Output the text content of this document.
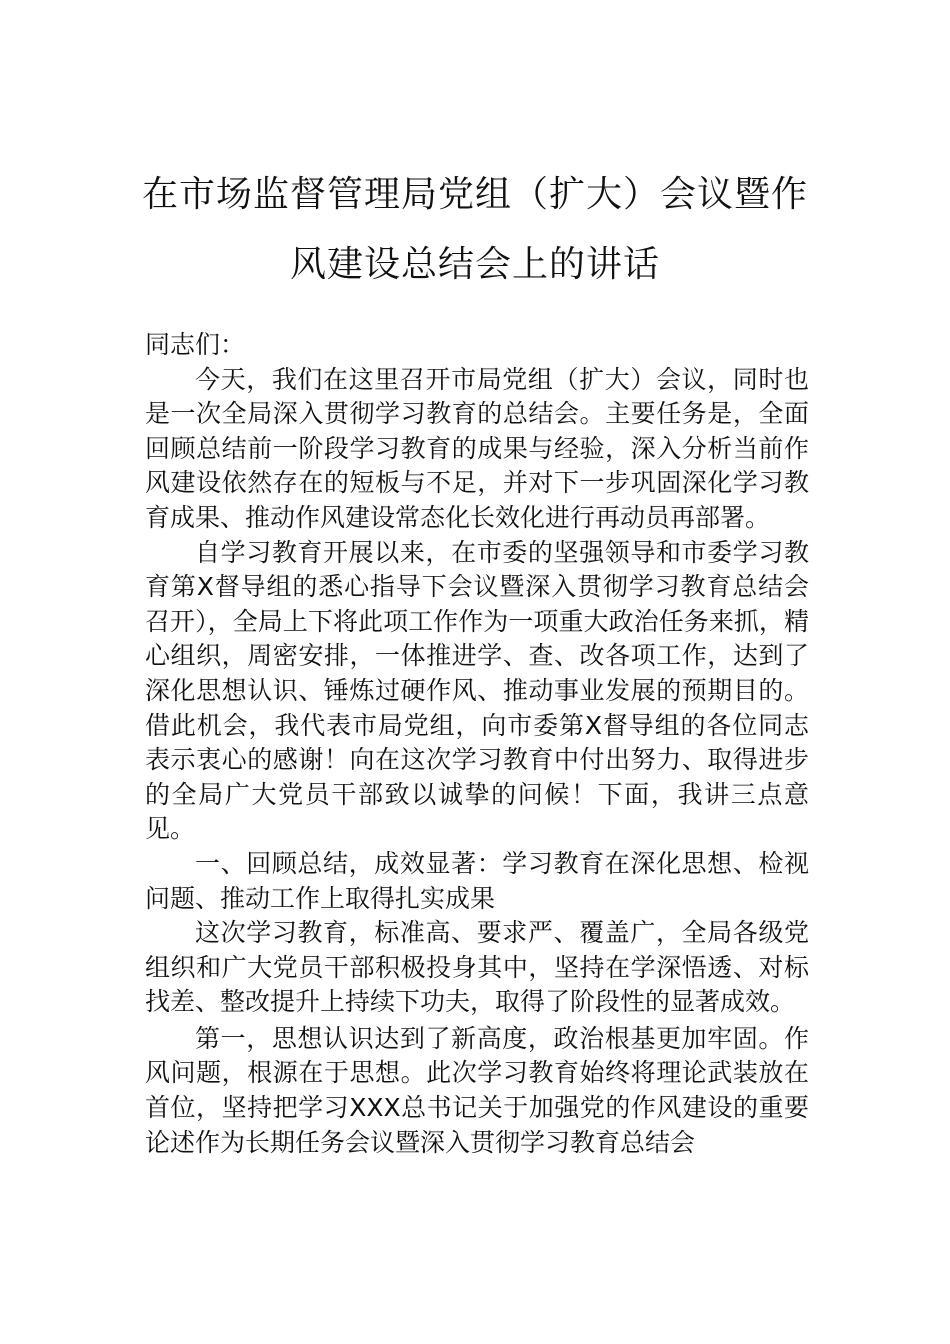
在市场监督管理局党组（扩大）会议暨作
风建设总结会上的讲话

同志们：

今天，我们在这里召开市局党组（扩大）会议，同时也是一次全局深入贯彻学习教育的总结会。主要任务是，全面回顾总结前一阶段学习教育的成果与经验，深入分析当前作风建设依然存在的短板与不足，并对下一步巩固深化学习教育成果、推动作风建设常态化长效化进行再动员再部署。

自学习教育开展以来，在市委的坚强领导和市委学习教育第X督导组的悉心指导下会议暨深入贯彻学习教育总结会召开），全局上下将此项工作作为一项重大政治任务来抓，精心组织，周密安排，一体推进学、查、改各项工作，达到了深化思想认识、锤炼过硬作风、推动事业发展的预期目的。借此机会，我代表市局党组，向市委第X督导组的各位同志表示衷心的感谢！向在这次学习教育中付出努力、取得进步的全局广大党员干部致以诚挚的问候！下面，我讲三点意见。

一、回顾总结，成效显著：学习教育在深化思想、检视问题、推动工作上取得扎实成果

这次学习教育，标准高、要求严、覆盖广，全局各级党组织和广大党员干部积极投身其中，坚持在学深悟透、对标找差、整改提升上持续下功夫，取得了阶段性的显著成效。

第一，思想认识达到了新高度，政治根基更加牢固。作风问题，根源在于思想。此次学习教育始终将理论武装放在首位，坚持把学习XXX总书记关于加强党的作风建设的重要论述作为长期任务会议暨深入贯彻学习教育总结会
